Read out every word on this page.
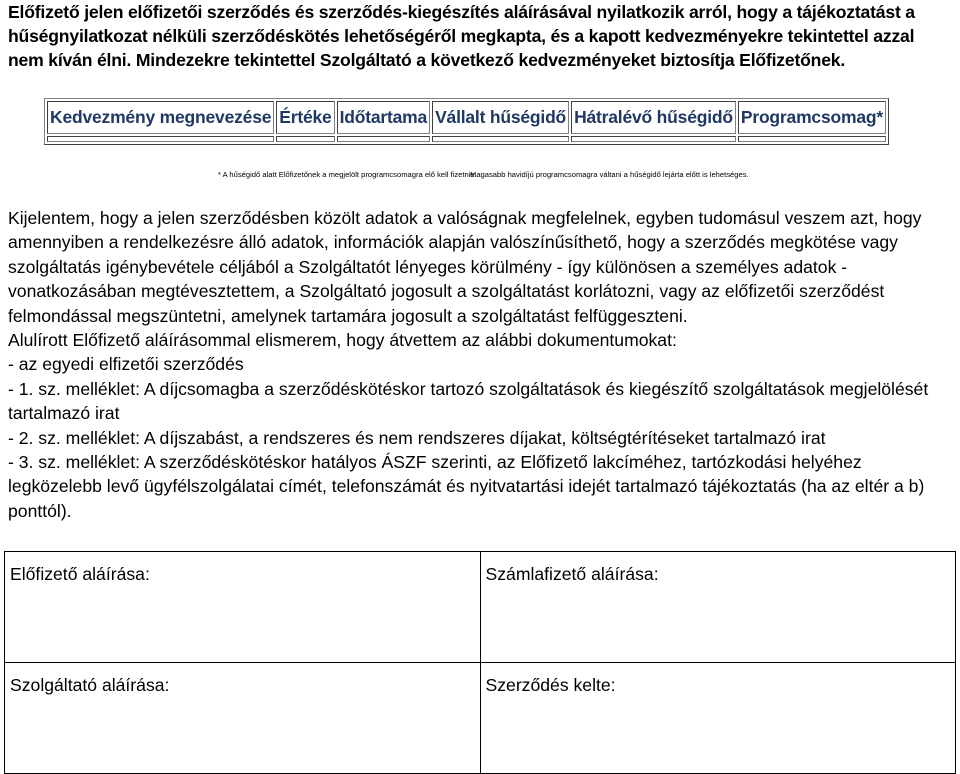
Előfizető jelen előfizetői szerződés és szerződés-kiegészítés aláírásával nyilatkozik arról, hogy a tájékoztatást a
hűségnyilatkozat nélküli szerződéskötés lehetőségéről megkapta, és a kapott kedvezményekre tekintettel azzal
nem kíván élni. Mindezekre tekintettel Szolgáltató a következő kedvezményeket biztosítja Előfizetőnek.
Kedvezmény megnevezése	Értéke	Időtartama	Vállalt hűségidő	Hátralévő hűségidő	Programcsomag*

* A hűségidő alatt Előfizetőnek a megjelölt programcsomagra elő kell fizetnie.
Magasabb havidíjú programcsomagra váltani a hűségidő lejárta előtt is lehetséges.
Kijelentem, hogy a jelen szerződésben közölt adatok a valóságnak megfelelnek, egyben tudomásul veszem azt, hogy
amennyiben a rendelkezésre álló adatok, információk alapján valószínűsíthető, hogy a szerződés megkötése vagy
szolgáltatás igénybevétele céljából a Szolgáltatót lényeges körülmény - így különösen a személyes adatok -
vonatkozásában megtévesztettem, a Szolgáltató jogosult a szolgáltatást korlátozni, vagy az előfizetői szerződést
felmondással megszüntetni, amelynek tartamára jogosult a szolgáltatást felfüggeszteni.
Alulírott Előfizető aláírásommal elismerem, hogy átvettem az alábbi dokumentumokat:
- az egyedi elfizetői szerződés
- 1. sz. melléklet: A díjcsomagba a szerződéskötéskor tartozó szolgáltatások és kiegészítő szolgáltatások megjelölését
tartalmazó irat
- 2. sz. melléklet: A díjszabást, a rendszeres és nem rendszeres díjakat, költségtérítéseket tartalmazó irat
- 3. sz. melléklet: A szerződéskötéskor hatályos ÁSZF szerinti, az Előfizető lakcíméhez, tartózkodási helyéhez
legközelebb levő ügyfélszolgálatai címét, telefonszámát és nyitvatartási idejét tartalmazó tájékoztatás (ha az eltér a b)
ponttól).
Előfizető aláírása:	Számlafizető aláírása:
Szolgáltató aláírása:	Szerződés kelte:
